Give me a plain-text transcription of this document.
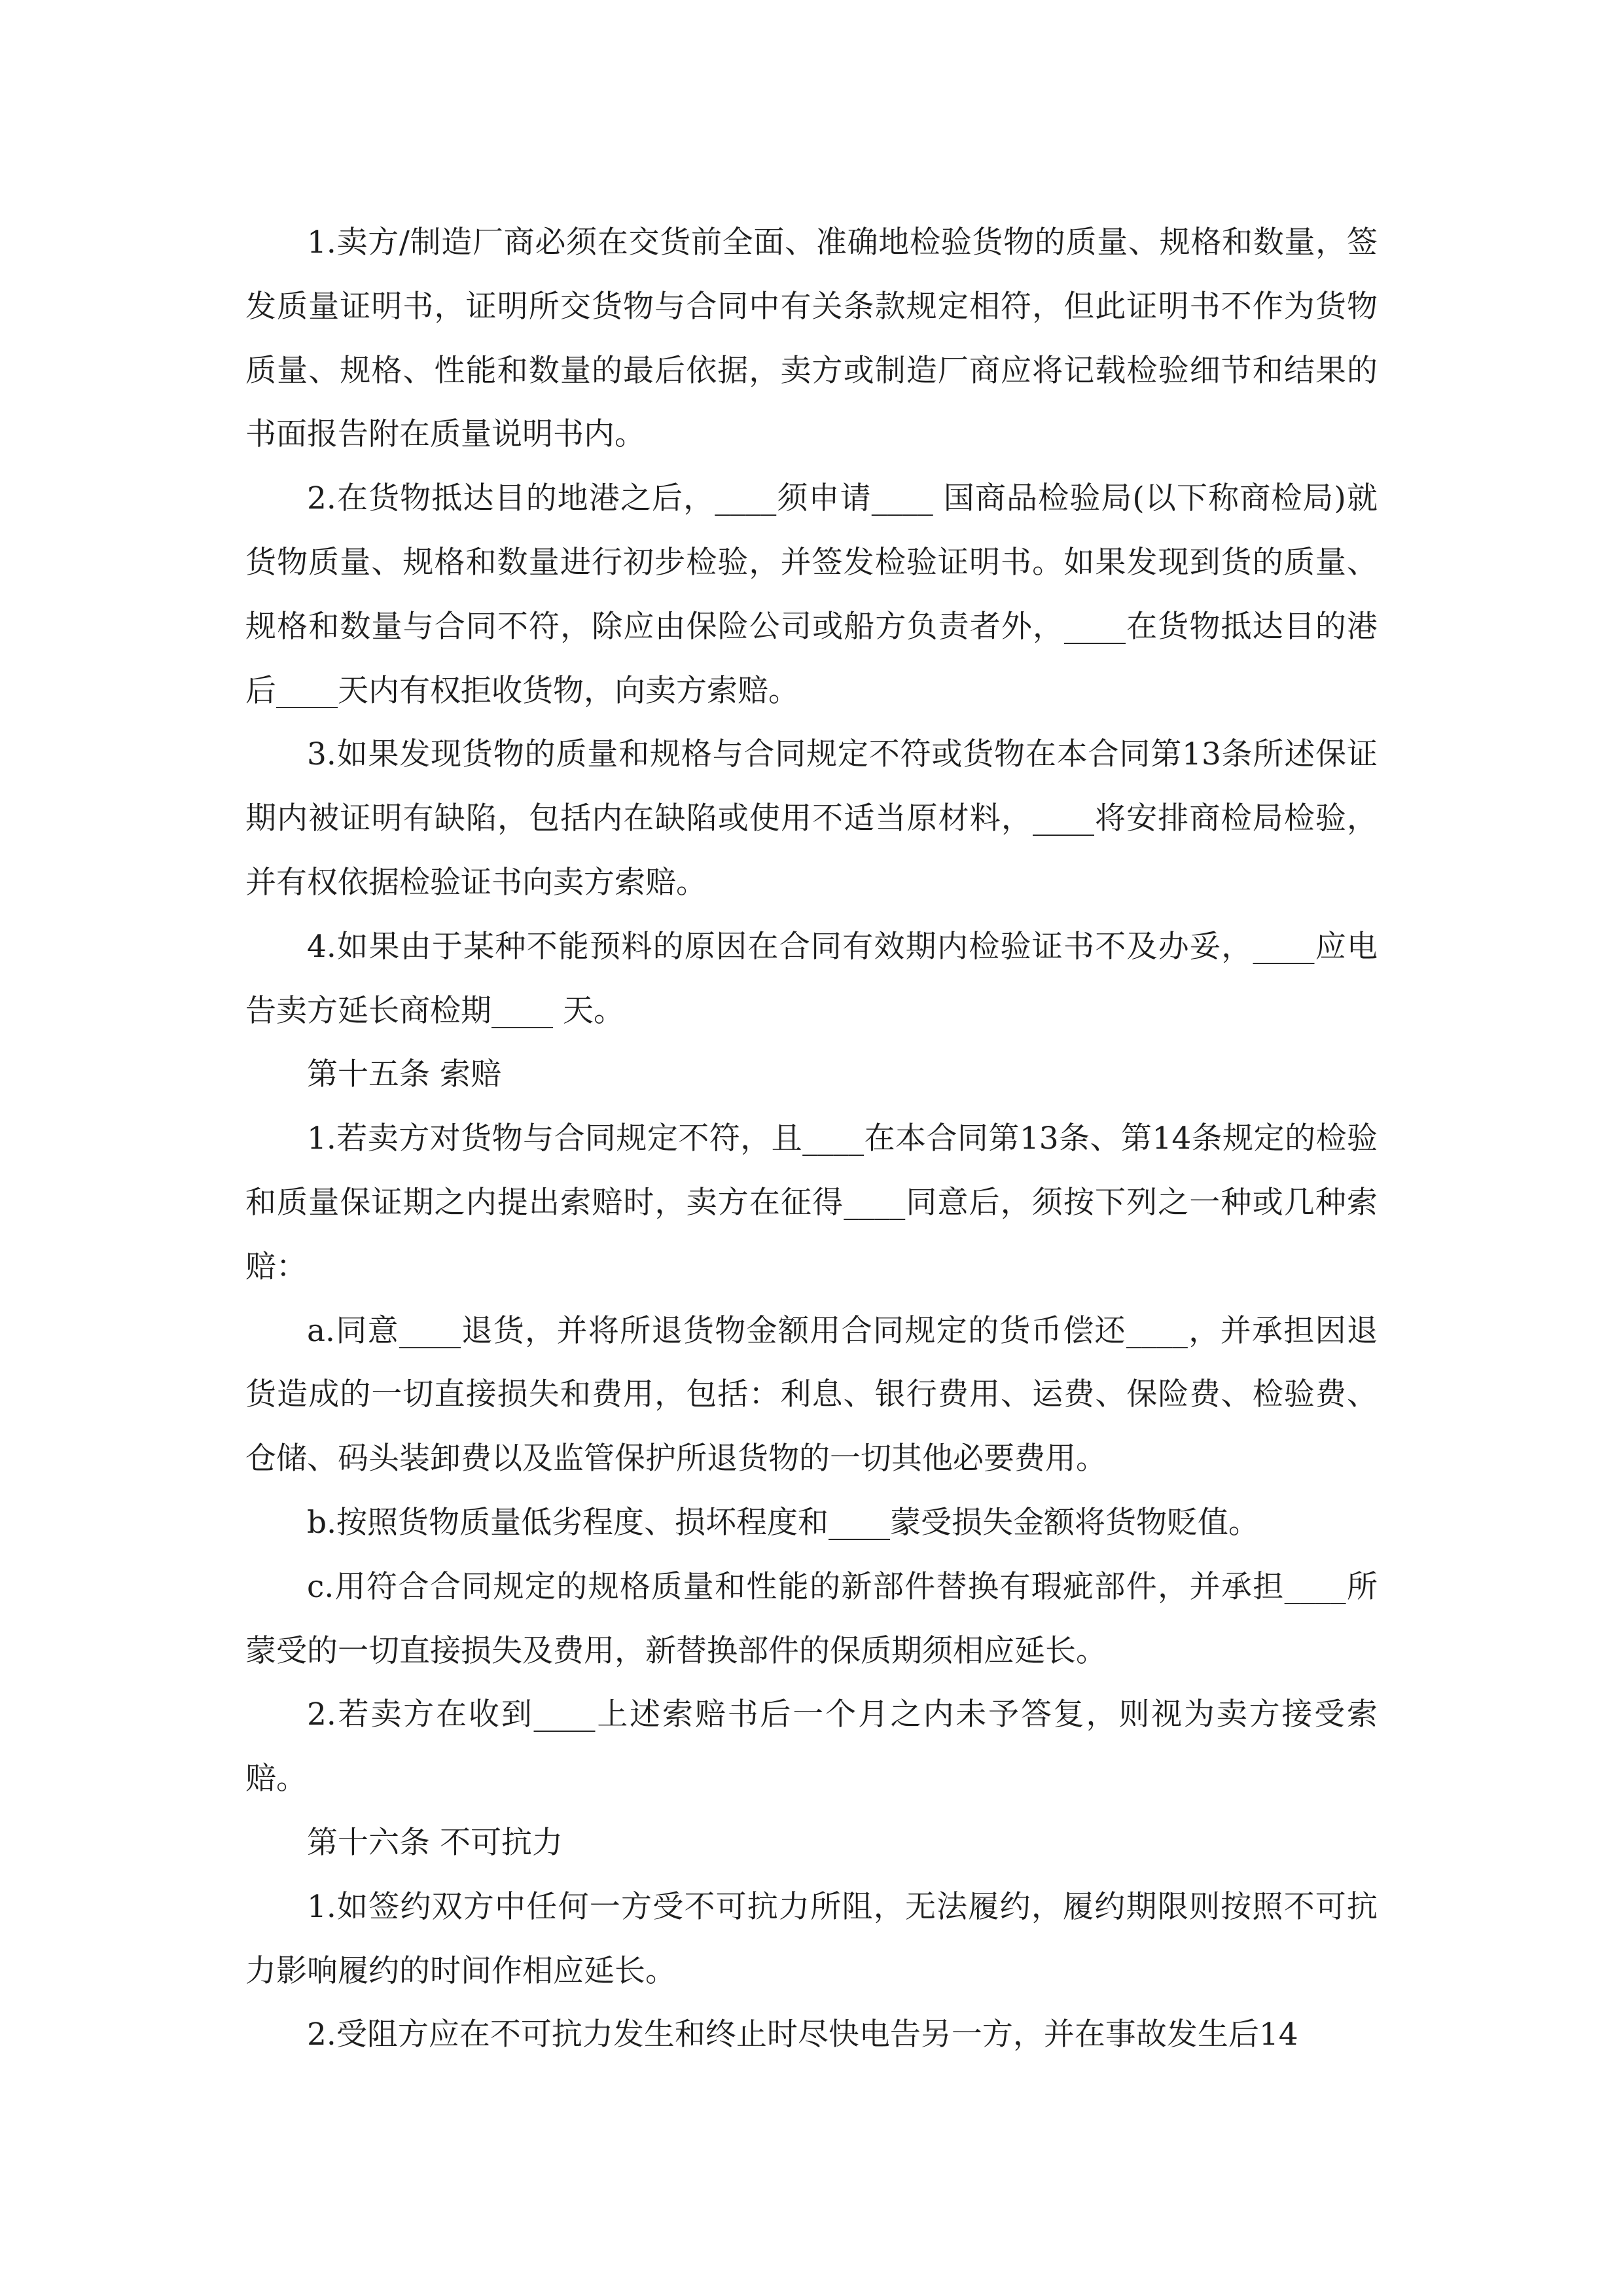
1.卖方/制造厂商必须在交货前全面、准确地检验货物的质量、规格和数量，签发质量证明书，证明所交货物与合同中有关条款规定相符，但此证明书不作为货物质量、规格、性能和数量的最后依据，卖方或制造厂商应将记载检验细节和结果的书面报告附在质量说明书内。

2.在货物抵达目的地港之后，____须申请____ 国商品检验局(以下称商检局)就货物质量、规格和数量进行初步检验，并签发检验证明书。如果发现到货的质量、规格和数量与合同不符，除应由保险公司或船方负责者外，____在货物抵达目的港后____天内有权拒收货物，向卖方索赔。

3.如果发现货物的质量和规格与合同规定不符或货物在本合同第13条所述保证期内被证明有缺陷，包括内在缺陷或使用不适当原材料，____将安排商检局检验，并有权依据检验证书向卖方索赔。

4.如果由于某种不能预料的原因在合同有效期内检验证书不及办妥，____应电告卖方延长商检期____ 天。

第十五条 索赔

1.若卖方对货物与合同规定不符，且____在本合同第13条、第14条规定的检验和质量保证期之内提出索赔时，卖方在征得____同意后，须按下列之一种或几种索赔：

a.同意____退货，并将所退货物金额用合同规定的货币偿还____，并承担因退货造成的一切直接损失和费用，包括：利息、银行费用、运费、保险费、检验费、仓储、码头装卸费以及监管保护所退货物的一切其他必要费用。

b.按照货物质量低劣程度、损坏程度和____蒙受损失金额将货物贬值。

c.用符合合同规定的规格质量和性能的新部件替换有瑕疵部件，并承担____所蒙受的一切直接损失及费用，新替换部件的保质期须相应延长。

2.若卖方在收到____上述索赔书后一个月之内未予答复，则视为卖方接受索赔。

第十六条 不可抗力

1.如签约双方中任何一方受不可抗力所阻，无法履约，履约期限则按照不可抗力影响履约的时间作相应延长。

2.受阻方应在不可抗力发生和终止时尽快电告另一方，并在事故发生后14
